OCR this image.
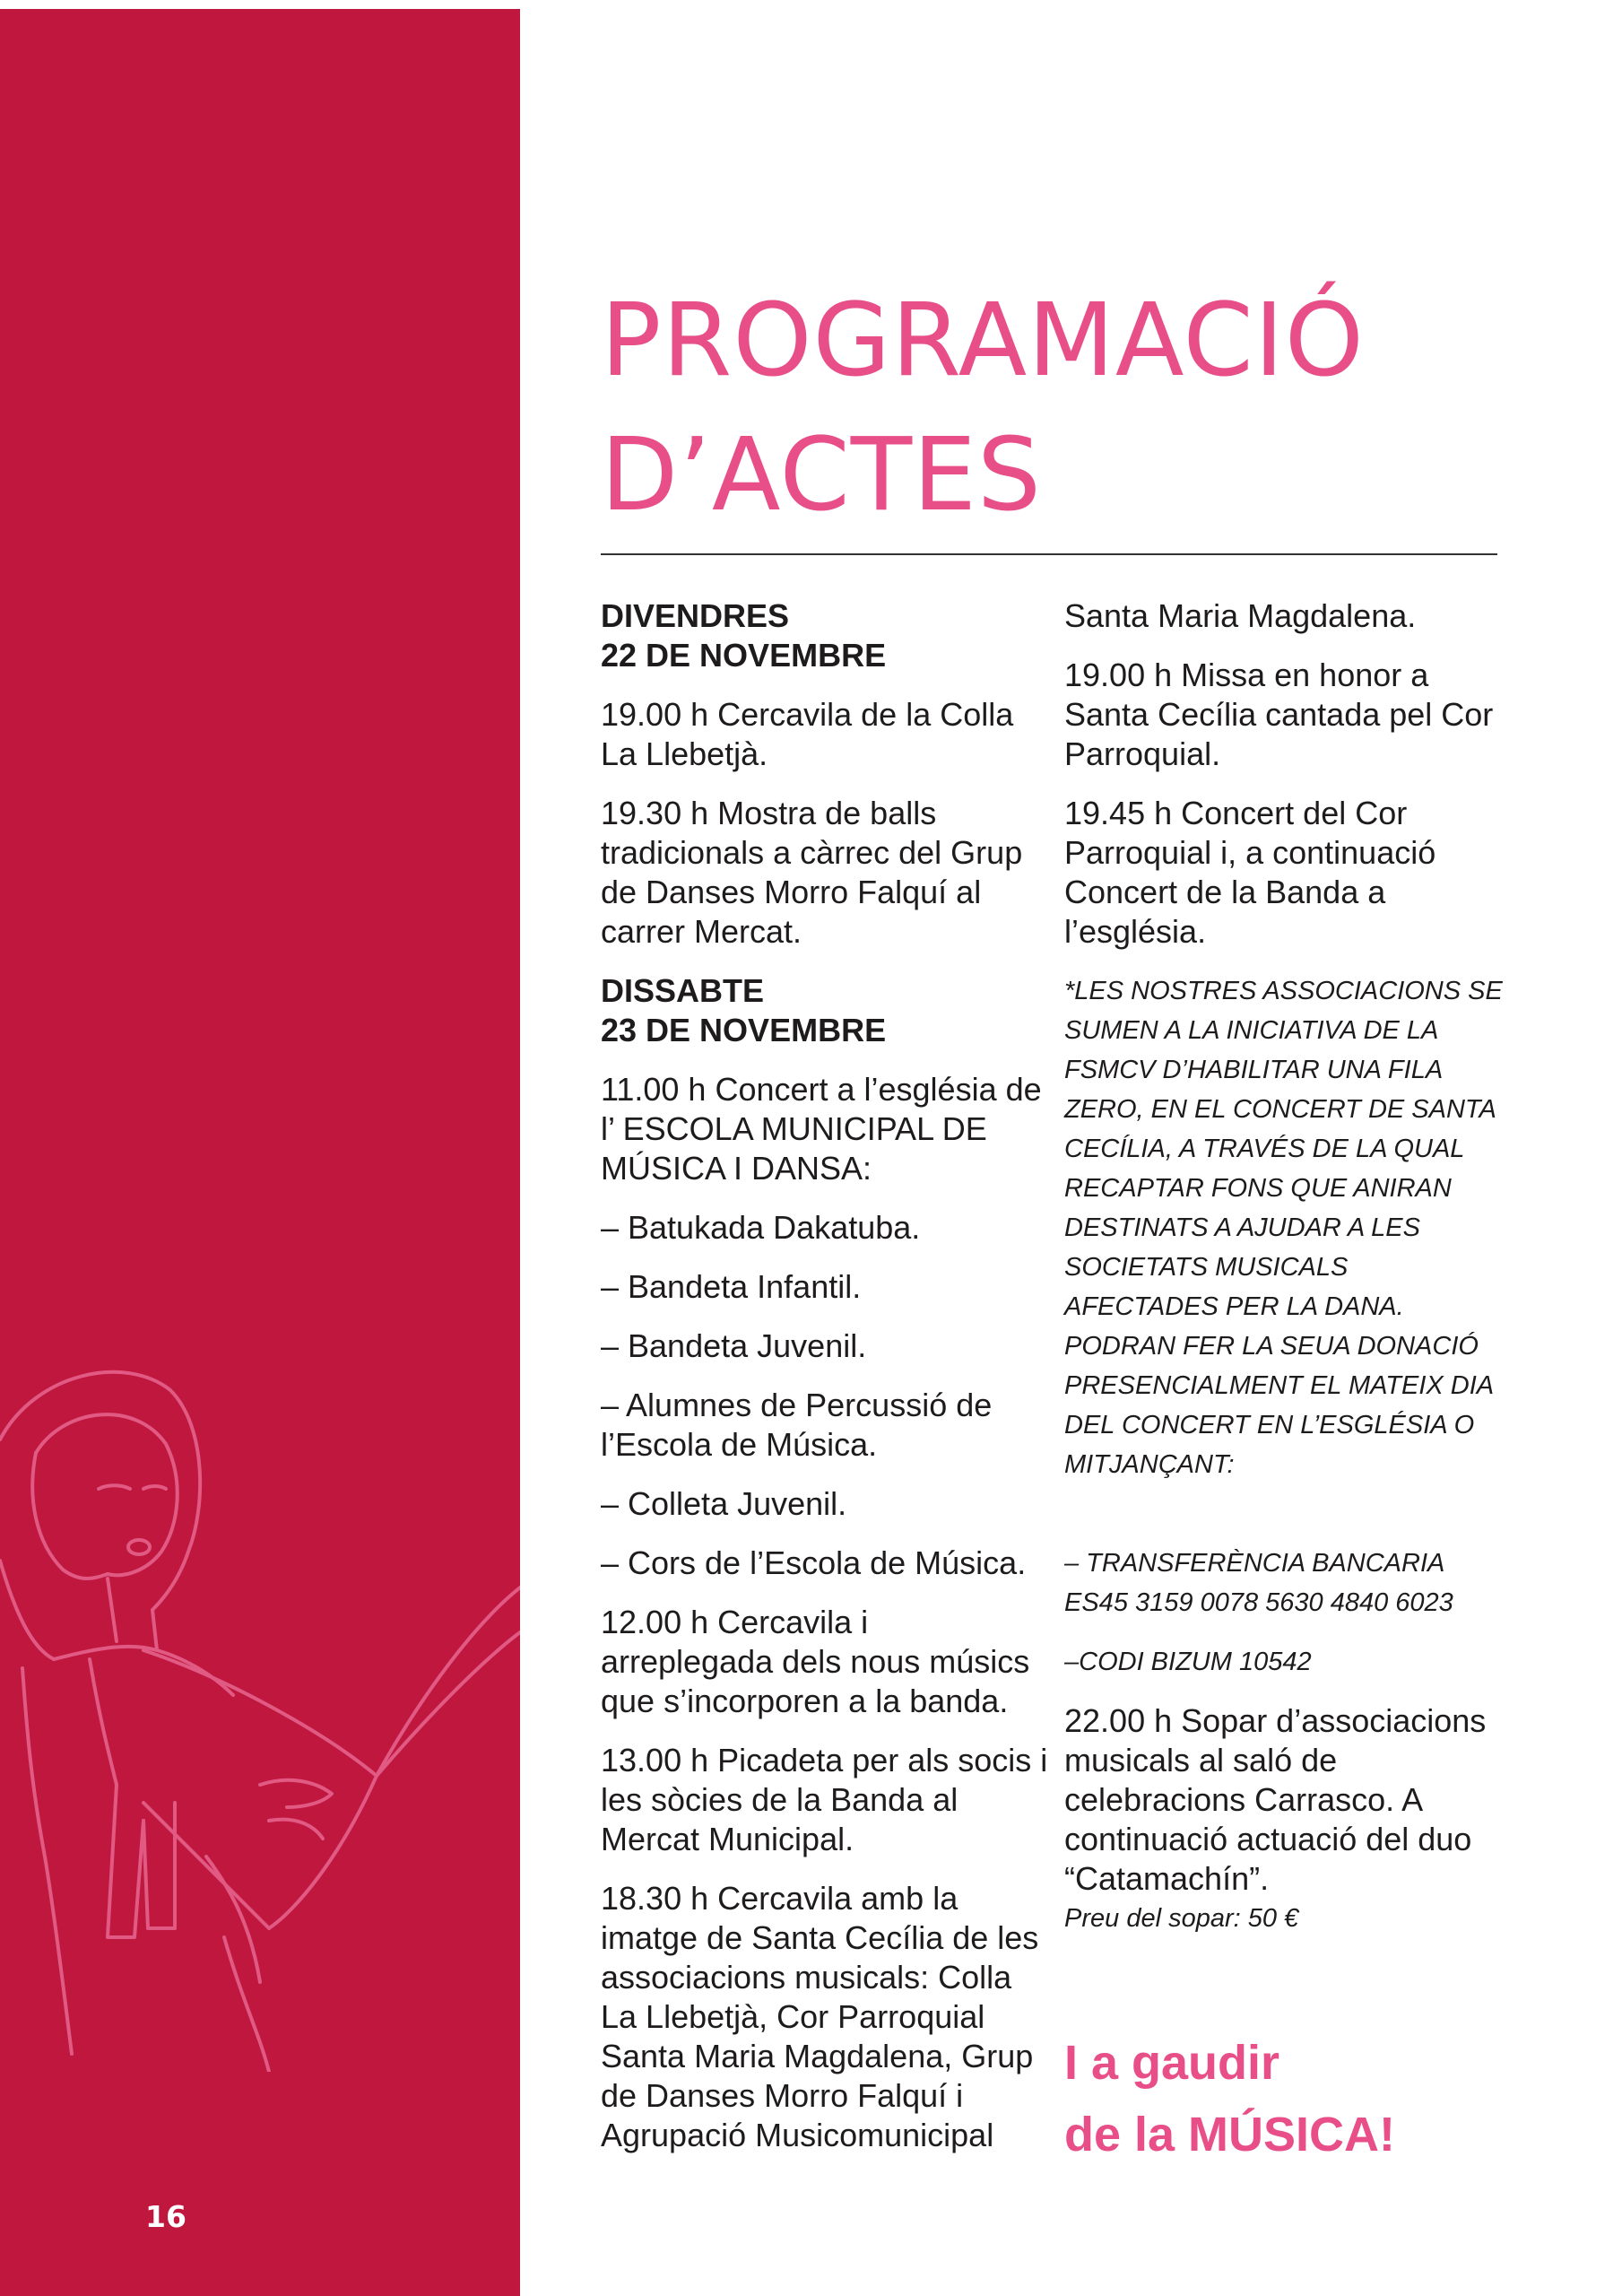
16
PROGRAMACIÓ
D’ACTES
DIVENDRES
22 DE NOVEMBRE
19.00 h Cercavila de la Colla La Llebetjà.
19.30 h Mostra de balls tradicionals a càrrec del Grup de Danses Morro Falquí al carrer Mercat.
DISSABTE
23 DE NOVEMBRE
11.00 h Concert a l’església de l’ ESCOLA MUNICIPAL DE MÚSICA I DANSA:
– Batukada Dakatuba.
– Bandeta Infantil.
– Bandeta Juvenil.
– Alumnes de Percussió de l’Escola de Música.
– Colleta Juvenil.
– Cors de l’Escola de Música.
12.00 h Cercavila i arreplegada dels nous músics que s’incorporen a la banda.
13.00 h Picadeta per als socis i les sòcies de la Banda al Mercat Municipal.
18.30 h Cercavila amb la imatge de Santa Cecília de les associacions musicals: Colla La Llebetjà, Cor Parroquial Santa Maria Magdalena, Grup de Danses Morro Falquí i Agrupació Musicomunicipal
Santa Maria Magdalena.
19.00 h Missa en honor a Santa Cecília cantada pel Cor Parroquial.
19.45 h Concert del Cor Parroquial i, a continuació Concert de la Banda a l’església.
*LES NOSTRES ASSOCIACIONS SE SUMEN A LA INICIATIVA DE LA FSMCV D’HABILITAR UNA FILA ZERO, EN EL CONCERT DE SANTA CECÍLIA, A TRAVÉS DE LA QUAL RECAPTAR FONS QUE ANIRAN DESTINATS A AJUDAR A LES SOCIETATS MUSICALS AFECTADES PER LA DANA. PODRAN FER LA SEUA DONACIÓ PRESENCIALMENT EL MATEIX DIA DEL CONCERT EN L’ESGLÉSIA O MITJANÇANT:
– TRANSFERÈNCIA BANCARIA ES45 3159 0078 5630 4840 6023
–CODI BIZUM 10542
22.00 h Sopar d’associacions musicals al saló de celebracions Carrasco. A continuació actuació del duo “Catamachín”.
Preu del sopar: 50 €
I a gaudir
de la MÚSICA!
